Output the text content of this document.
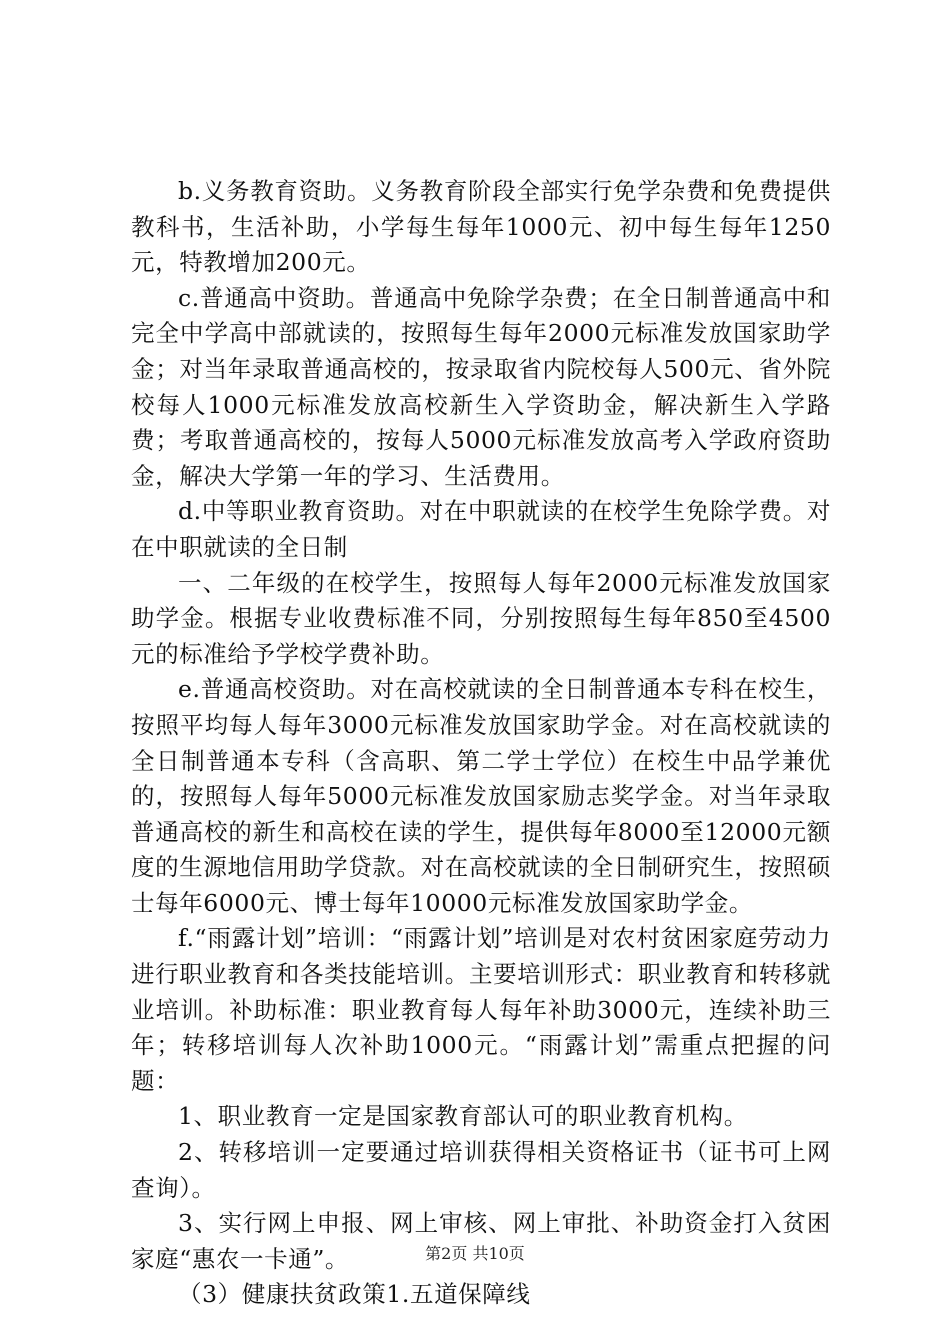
b.义务教育资助。义务教育阶段全部实行免学杂费和免费提供教科书，生活补助，小学每生每年1000元、初中每生每年1250元，特教增加200元。

c.普通高中资助。普通高中免除学杂费；在全日制普通高中和完全中学高中部就读的，按照每生每年2000元标准发放国家助学金；对当年录取普通高校的，按录取省内院校每人500元、省外院校每人1000元标准发放高校新生入学资助金，解决新生入学路费；考取普通高校的，按每人5000元标准发放高考入学政府资助金，解决大学第一年的学习、生活费用。

d.中等职业教育资助。对在中职就读的在校学生免除学费。对在中职就读的全日制

一、二年级的在校学生，按照每人每年2000元标准发放国家助学金。根据专业收费标准不同，分别按照每生每年850至4500元的标准给予学校学费补助。

e.普通高校资助。对在高校就读的全日制普通本专科在校生，按照平均每人每年3000元标准发放国家助学金。对在高校就读的全日制普通本专科（含高职、第二学士学位）在校生中品学兼优的，按照每人每年5000元标准发放国家励志奖学金。对当年录取普通高校的新生和高校在读的学生，提供每年8000至12000元额度的生源地信用助学贷款。对在高校就读的全日制研究生，按照硕士每年6000元、博士每年10000元标准发放国家助学金。

f.“雨露计划”培训：“雨露计划”培训是对农村贫困家庭劳动力进行职业教育和各类技能培训。主要培训形式：职业教育和转移就业培训。补助标准：职业教育每人每年补助3000元，连续补助三年；转移培训每人次补助1000元。“雨露计划”需重点把握的问题：

1、职业教育一定是国家教育部认可的职业教育机构。

2、转移培训一定要通过培训获得相关资格证书（证书可上网查询）。

3、实行网上申报、网上审核、网上审批、补助资金打入贫困家庭“惠农一卡通”。

（3）健康扶贫政策1.五道保障线

第2页 共10页
